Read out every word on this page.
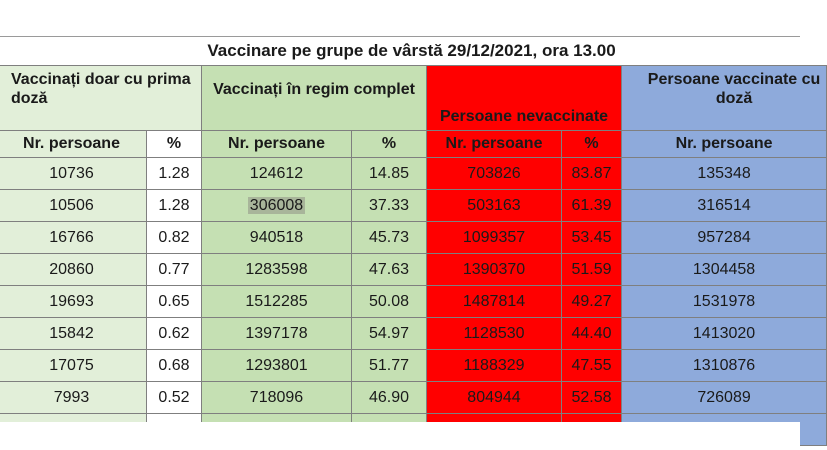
Vaccinare pe grupe de vârstă 29/12/2021, ora 13.00						
Vaccinați doar cu prima doză		Vaccinați în regim complet		Persoane nevaccinate		Persoane vaccinate cu doză
Nr. persoane	%	Nr. persoane	%	Nr. persoane	%	Nr. persoane
10736	1.28	124612	14.85	703826	83.87	135348
10506	1.28	306008	37.33	503163	61.39	316514
16766	0.82	940518	45.73	1099357	53.45	957284
20860	0.77	1283598	47.63	1390370	51.59	1304458
19693	0.65	1512285	50.08	1487814	49.27	1531978
15842	0.62	1397178	54.97	1128530	44.40	1413020
17075	0.68	1293801	51.77	1188329	47.55	1310876
7993	0.52	718096	46.90	804944	52.58	726089
